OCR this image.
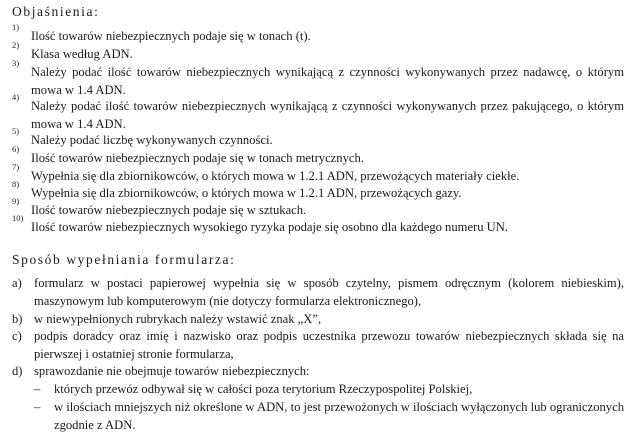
Objaśnienia:
1)
Ilość towarów niebezpiecznych podaje się w tonach (t).
2)
Klasa według ADN.
3)
Należy podać ilość towarów niebezpiecznych wynikającą z czynności wykonywanych przez nadawcę, o którym mowa w 1.4 ADN.
4)
Należy podać ilość towarów niebezpiecznych wynikającą z czynności wykonywanych przez pakującego, o którym mowa w 1.4 ADN.
5)
Należy podać liczbę wykonywanych czynności.
6)
Ilość towarów niebezpiecznych podaje się w tonach metrycznych.
7)
Wypełnia się dla zbiornikowców, o których mowa w 1.2.1 ADN, przewożących materiały ciekłe.
8)
Wypełnia się dla zbiornikowców, o których mowa w 1.2.1 ADN, przewożących gazy.
9)
Ilość towarów niebezpiecznych podaje się w sztukach.
10)
Ilość towarów niebezpiecznych wysokiego ryzyka podaje się osobno dla każdego numeru UN.
Sposób wypełniania formularza:
a) formularz w postaci papierowej wypełnia się w sposób czytelny, pismem odręcznym (kolorem niebieskim), maszynowym lub komputerowym (nie dotyczy formularza elektronicznego),
b) w niewypełnionych rubrykach należy wstawić znak „X”,
c) podpis doradcy oraz imię i nazwisko oraz podpis uczestnika przewozu towarów niebezpiecznych składa się na pierwszej i ostatniej stronie formularza,
d) sprawozdanie nie obejmuje towarów niebezpiecznych:
– których przewóz odbywał się w całości poza terytorium Rzeczypospolitej Polskiej,
– w ilościach mniejszych niż określone w ADN, to jest przewożonych w ilościach wyłączonych lub ograniczonych zgodnie z ADN.
